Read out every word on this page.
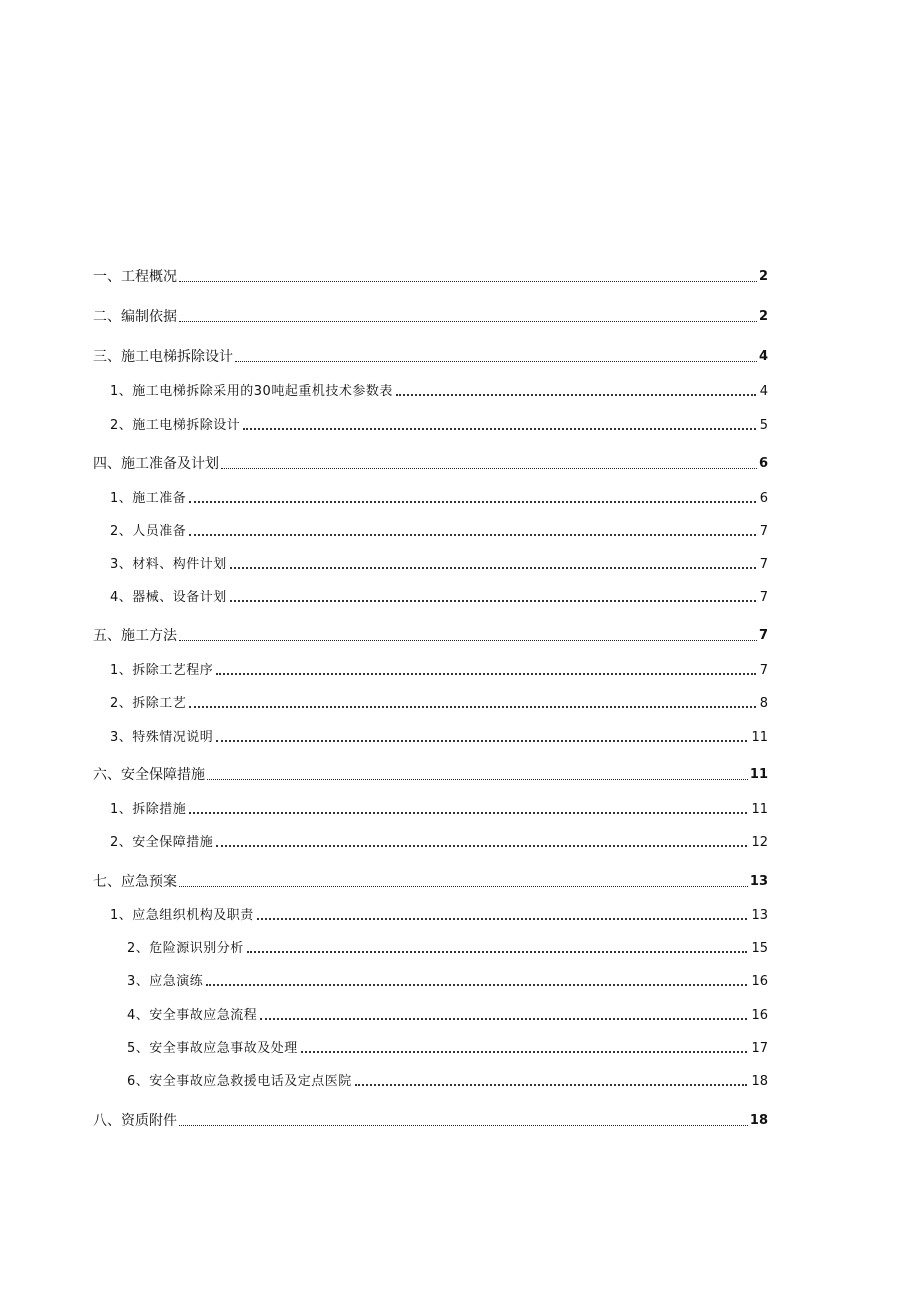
一、工程概况	2
二、编制依据	2
三、施工电梯拆除设计	4
1、施工电梯拆除采用的30吨起重机技术参数表	4
2、施工电梯拆除设计	5
四、施工准备及计划	6
1、施工准备	6
2、人员准备	7
3、材料、构件计划	7
4、器械、设备计划	7
五、施工方法	7
1、拆除工艺程序	7
2、拆除工艺	8
3、特殊情况说明	11
六、安全保障措施	11
1、拆除措施	11
2、安全保障措施	12
七、应急预案	13
1、应急组织机构及职责	13
2、危险源识别分析	15
3、应急演练	16
4、安全事故应急流程	16
5、安全事故应急事故及处理	17
6、安全事故应急救援电话及定点医院	18
八、资质附件	18
